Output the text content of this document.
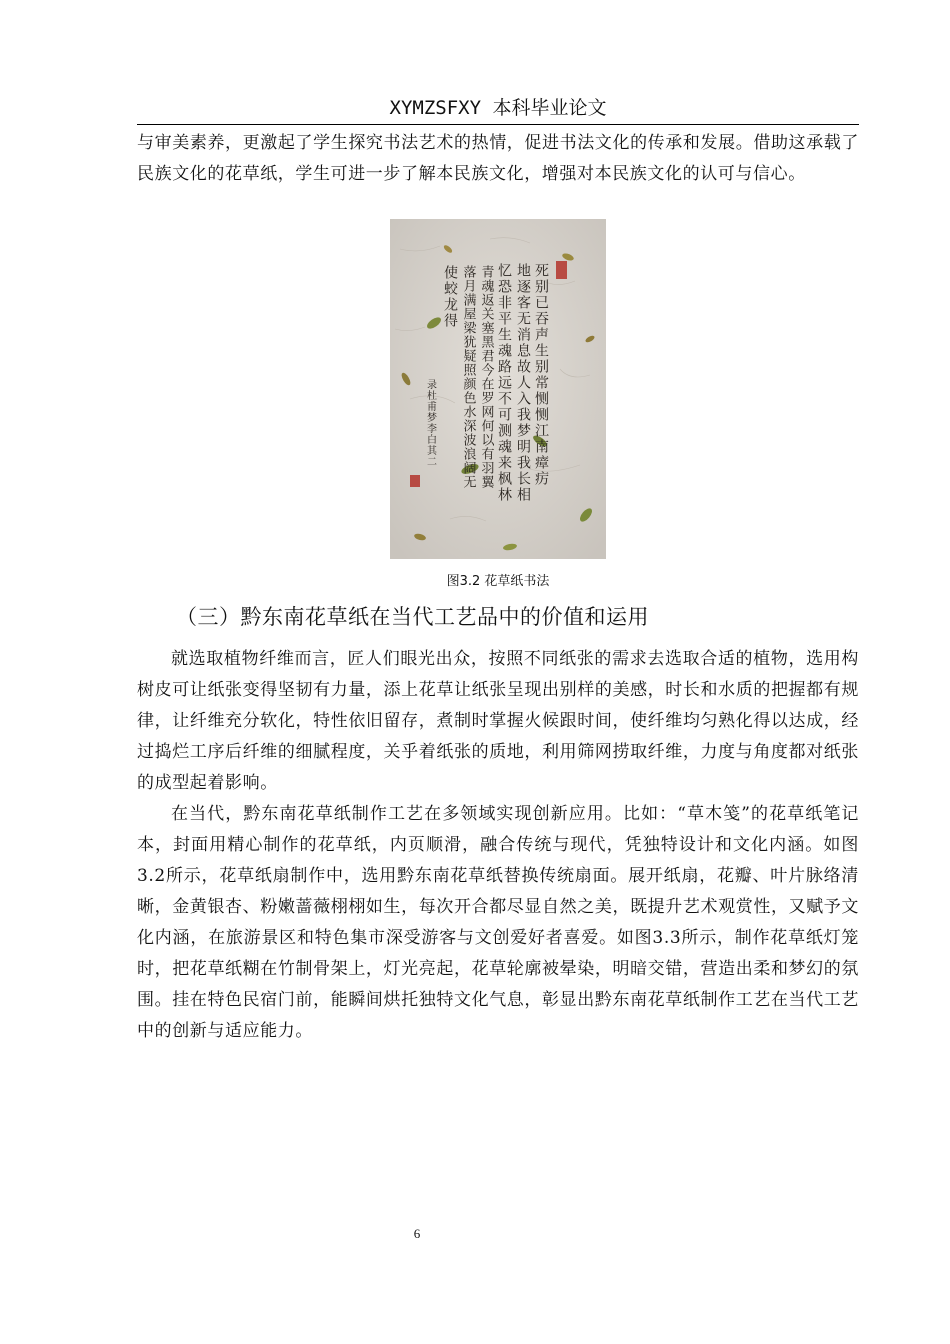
XYMZSFXY 本科毕业论文
与审美素养，更激起了学生探究书法艺术的热情，促进书法文化的传承和发展。借助这承载了民族文化的花草纸，学生可进一步了解本民族文化，增强对本民族文化的认可与信心。
死别已吞声生别常恻恻江南瘴疠
地逐客无消息故人入我梦明我长相
忆恐非平生魂路远不可测魂来枫林
青魂返关塞黑君今在罗网何以有羽翼
落月满屋梁犹疑照颜色水深波浪阔无
使蛟龙得
录杜甫梦李白其二
图3.2 花草纸书法
（三）黔东南花草纸在当代工艺品中的价值和运用
就选取植物纤维而言，匠人们眼光出众，按照不同纸张的需求去选取合适的植物，选用构树皮可让纸张变得坚韧有力量，添上花草让纸张呈现出别样的美感，时长和水质的把握都有规律，让纤维充分软化，特性依旧留存，煮制时掌握火候跟时间，使纤维均匀熟化得以达成，经过捣烂工序后纤维的细腻程度，关乎着纸张的质地，利用筛网捞取纤维，力度与角度都对纸张的成型起着影响。
在当代，黔东南花草纸制作工艺在多领域实现创新应用。比如：“草木笺”的花草纸笔记本，封面用精心制作的花草纸，内页顺滑，融合传统与现代，凭独特设计和文化内涵。如图3.2所示，花草纸扇制作中，选用黔东南花草纸替换传统扇面。展开纸扇，花瓣、叶片脉络清晰，金黄银杏、粉嫩蔷薇栩栩如生，每次开合都尽显自然之美，既提升艺术观赏性，又赋予文化内涵，在旅游景区和特色集市深受游客与文创爱好者喜爱。如图3.3所示，制作花草纸灯笼时，把花草纸糊在竹制骨架上，灯光亮起，花草轮廓被晕染，明暗交错，营造出柔和梦幻的氛围。挂在特色民宿门前，能瞬间烘托独特文化气息，彰显出黔东南花草纸制作工艺在当代工艺中的创新与适应能力。
6
